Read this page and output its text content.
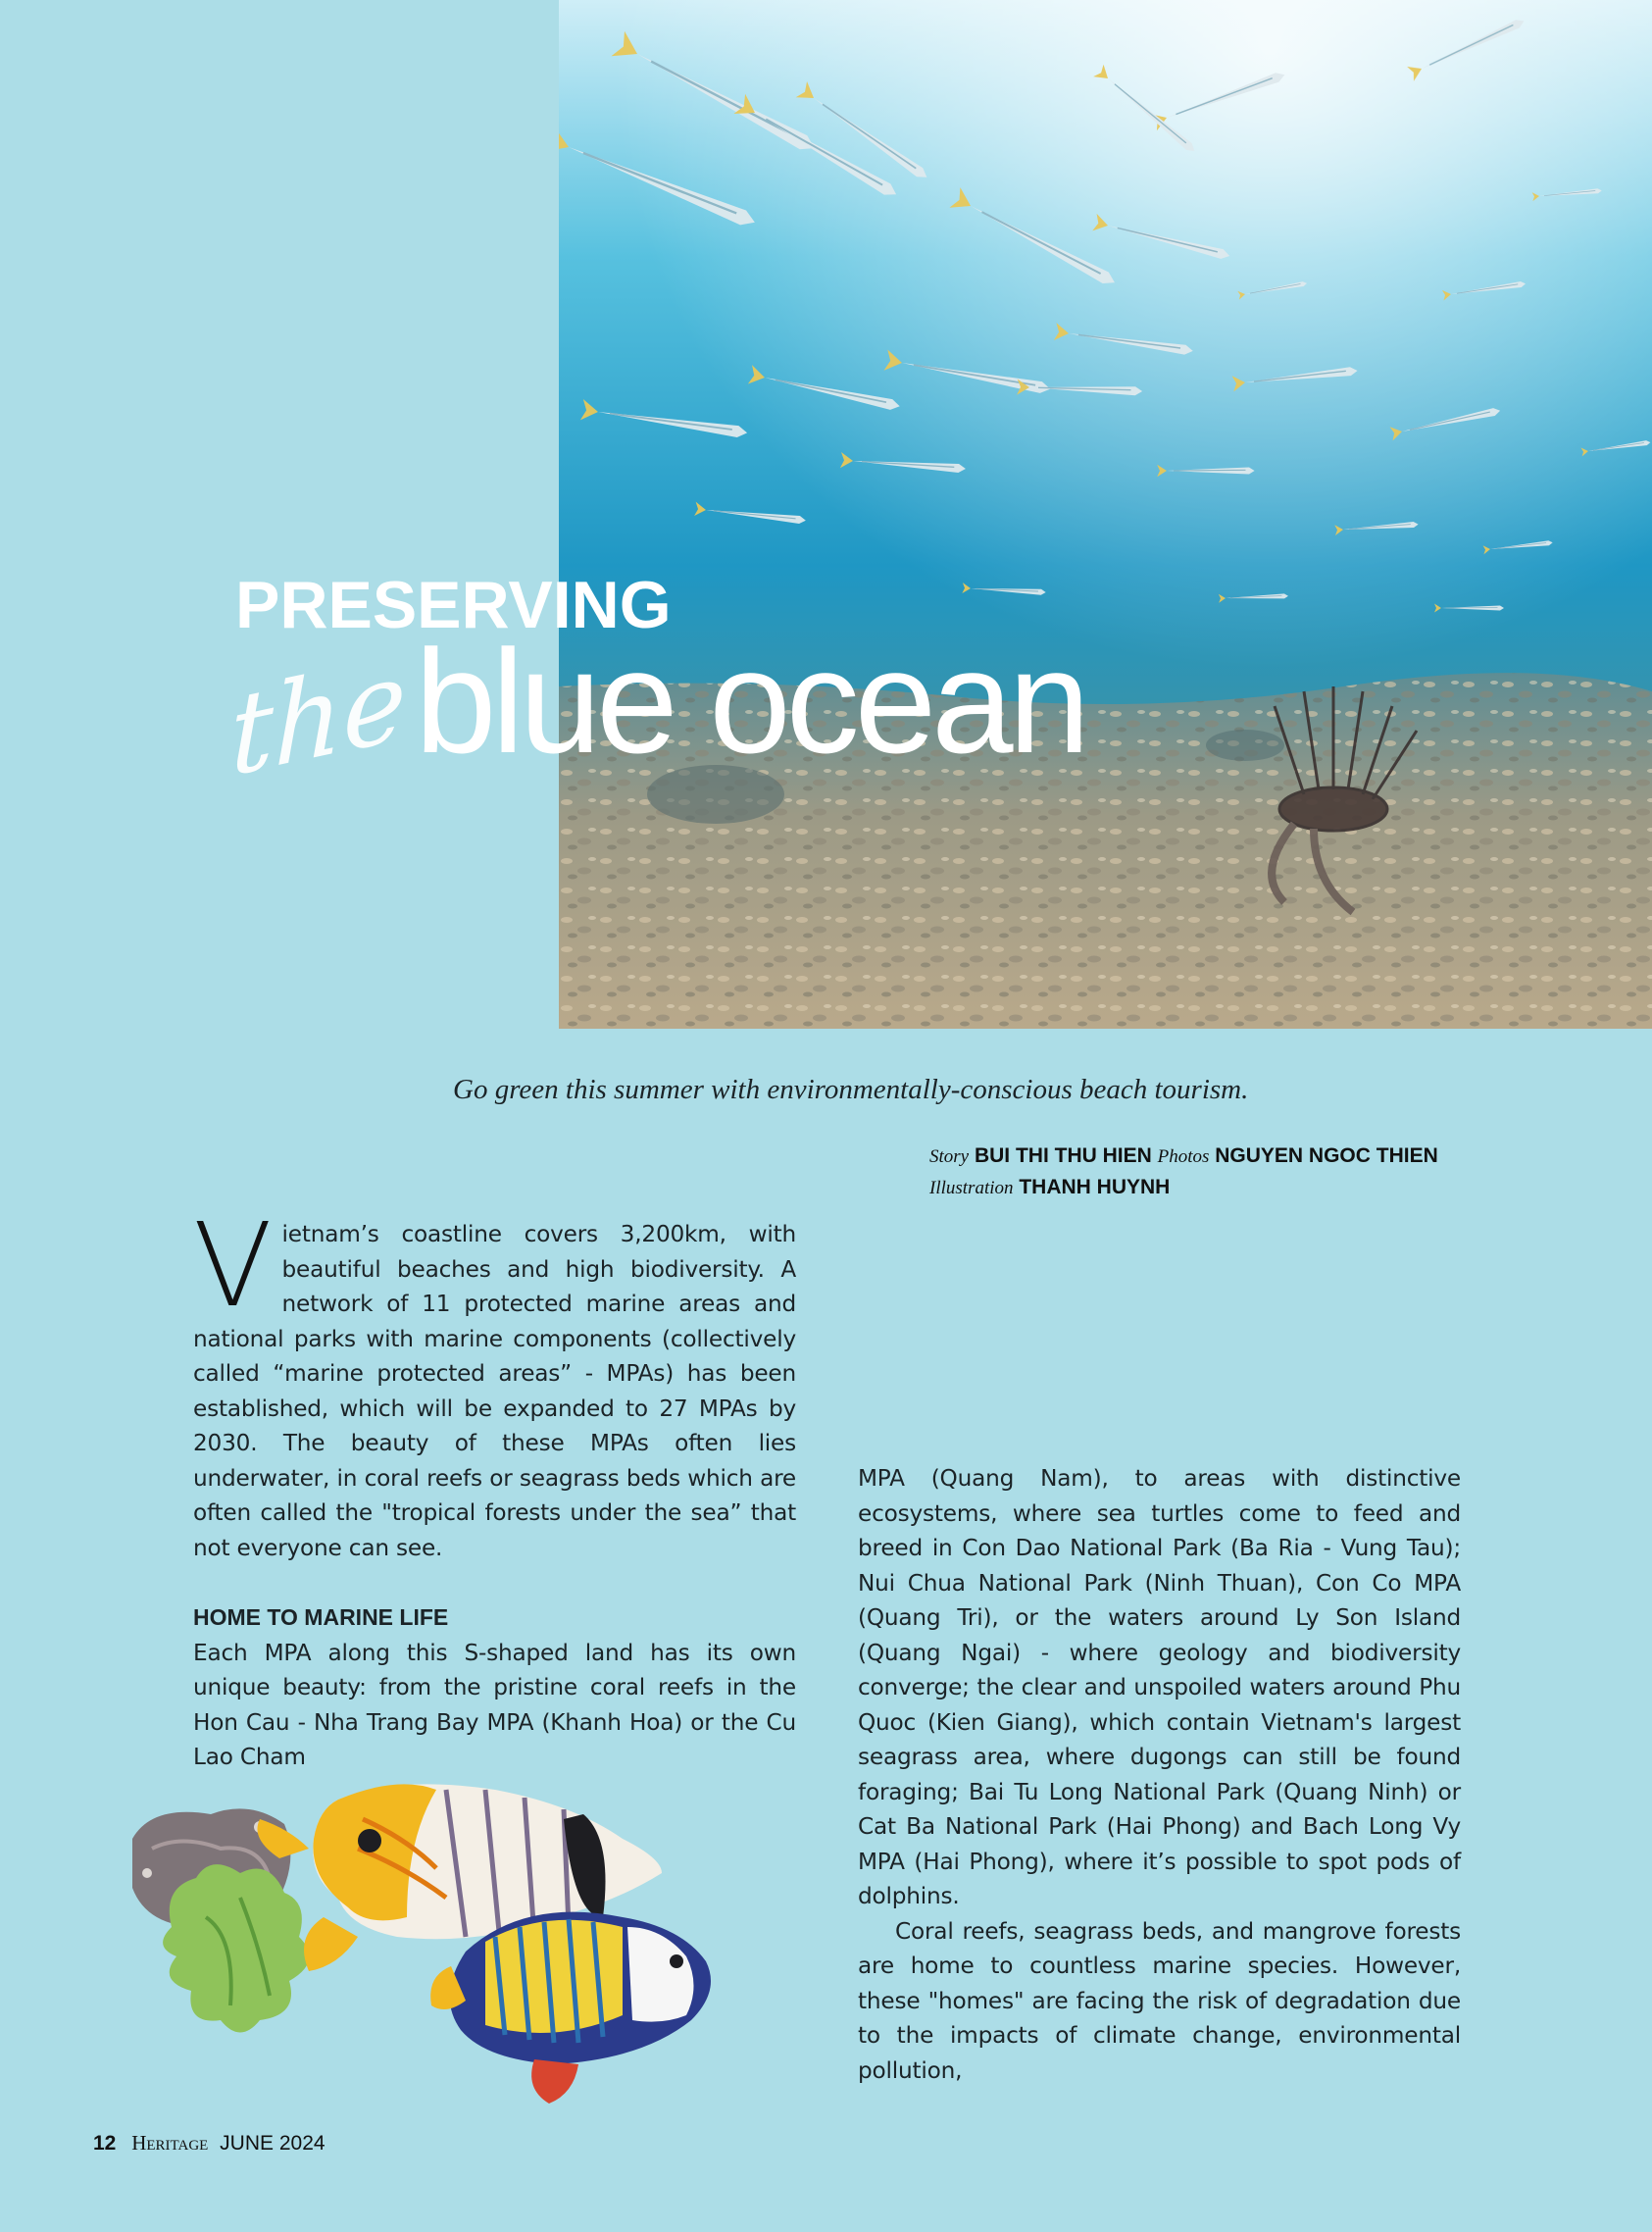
PRESERVING
the blue ocean
Go green this summer with environmentally-conscious beach tourism.
Story BUI THI THU HIEN Photos NGUYEN NGOC THIEN
Illustration THANH HUYNH

Vietnam’s coastline covers 3,200km, with beautiful beaches and high biodiversity. A network of 11 protected marine areas and national parks with marine components (collectively called “marine protected areas” - MPAs) has been established, which will be expanded to 27 MPAs by 2030. The beauty of these MPAs often lies underwater, in coral reefs or seagrass beds which are often called the "tropical forests under the sea” that not everyone can see.

HOME TO MARINE LIFE

Each MPA along this S-shaped land has its own unique beauty: from the pristine coral reefs in the Hon Cau - Nha Trang Bay MPA (Khanh Hoa) or the Cu Lao Cham

MPA (Quang Nam), to areas with distinctive ecosystems, where sea turtles come to feed and breed in Con Dao National Park (Ba Ria - Vung Tau); Nui Chua National Park (Ninh Thuan), Con Co MPA (Quang Tri), or the waters around Ly Son Island (Quang Ngai) - where geology and biodiversity converge; the clear and unspoiled waters around Phu Quoc (Kien Giang), which contain Vietnam's largest seagrass area, where dugongs can still be found foraging; Bai Tu Long National Park (Quang Ninh) or Cat Ba National Park (Hai Phong) and Bach Long Vy MPA (Hai Phong), where it’s possible to spot pods of dolphins.

Coral reefs, seagrass beds, and mangrove forests are home to countless marine species. However, these "homes" are facing the risk of degradation due to the impacts of climate change, environmental pollution,

12 Heritage JUNE 2024
